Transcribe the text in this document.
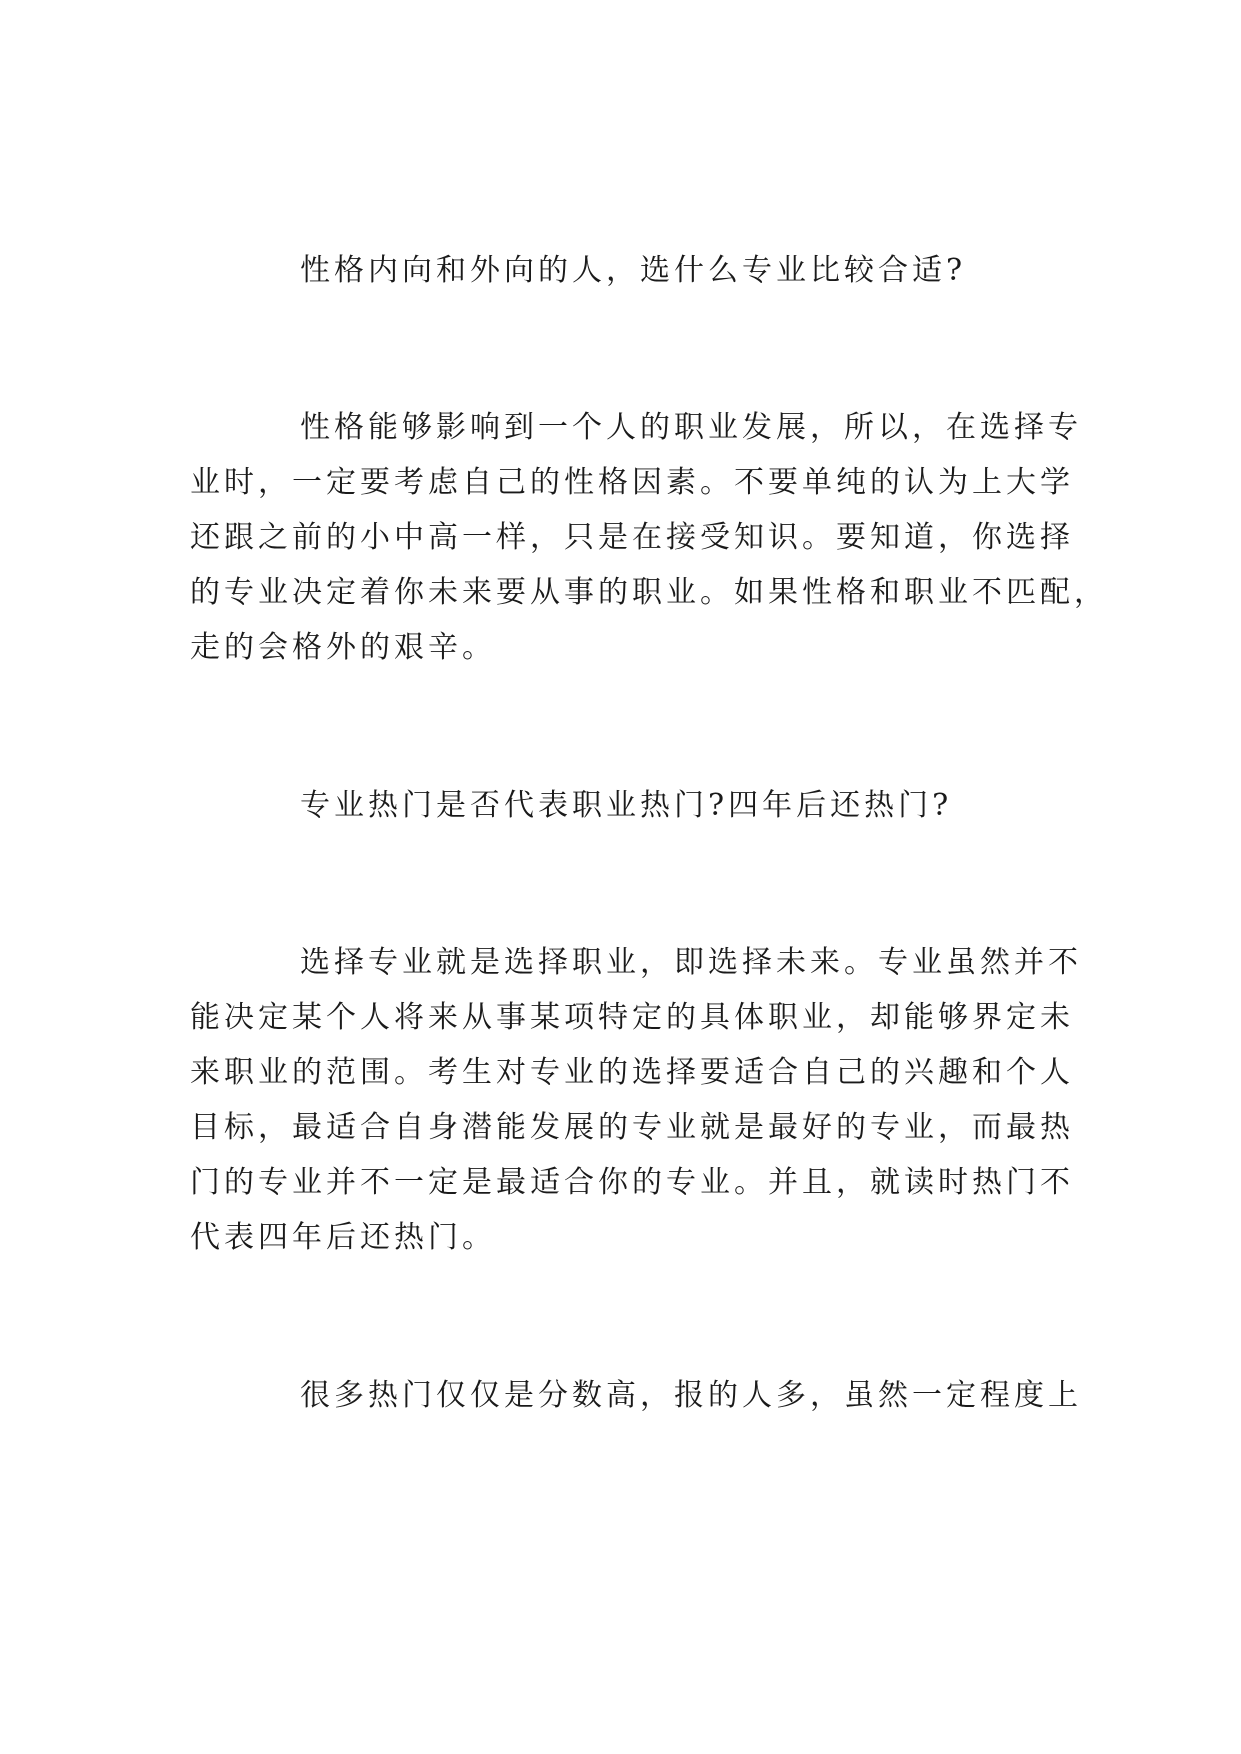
性格内向和外向的人，选什么专业比较合适?
性格能够影响到一个人的职业发展，所以，在选择专
业时，一定要考虑自己的性格因素。不要单纯的认为上大学
还跟之前的小中高一样，只是在接受知识。要知道，你选择
的专业决定着你未来要从事的职业。如果性格和职业不匹配，
走的会格外的艰辛。
专业热门是否代表职业热门?四年后还热门?
选择专业就是选择职业，即选择未来。专业虽然并不
能决定某个人将来从事某项特定的具体职业，却能够界定未
来职业的范围。考生对专业的选择要适合自己的兴趣和个人
目标，最适合自身潜能发展的专业就是最好的专业，而最热
门的专业并不一定是最适合你的专业。并且，就读时热门不
代表四年后还热门。
很多热门仅仅是分数高，报的人多，虽然一定程度上
